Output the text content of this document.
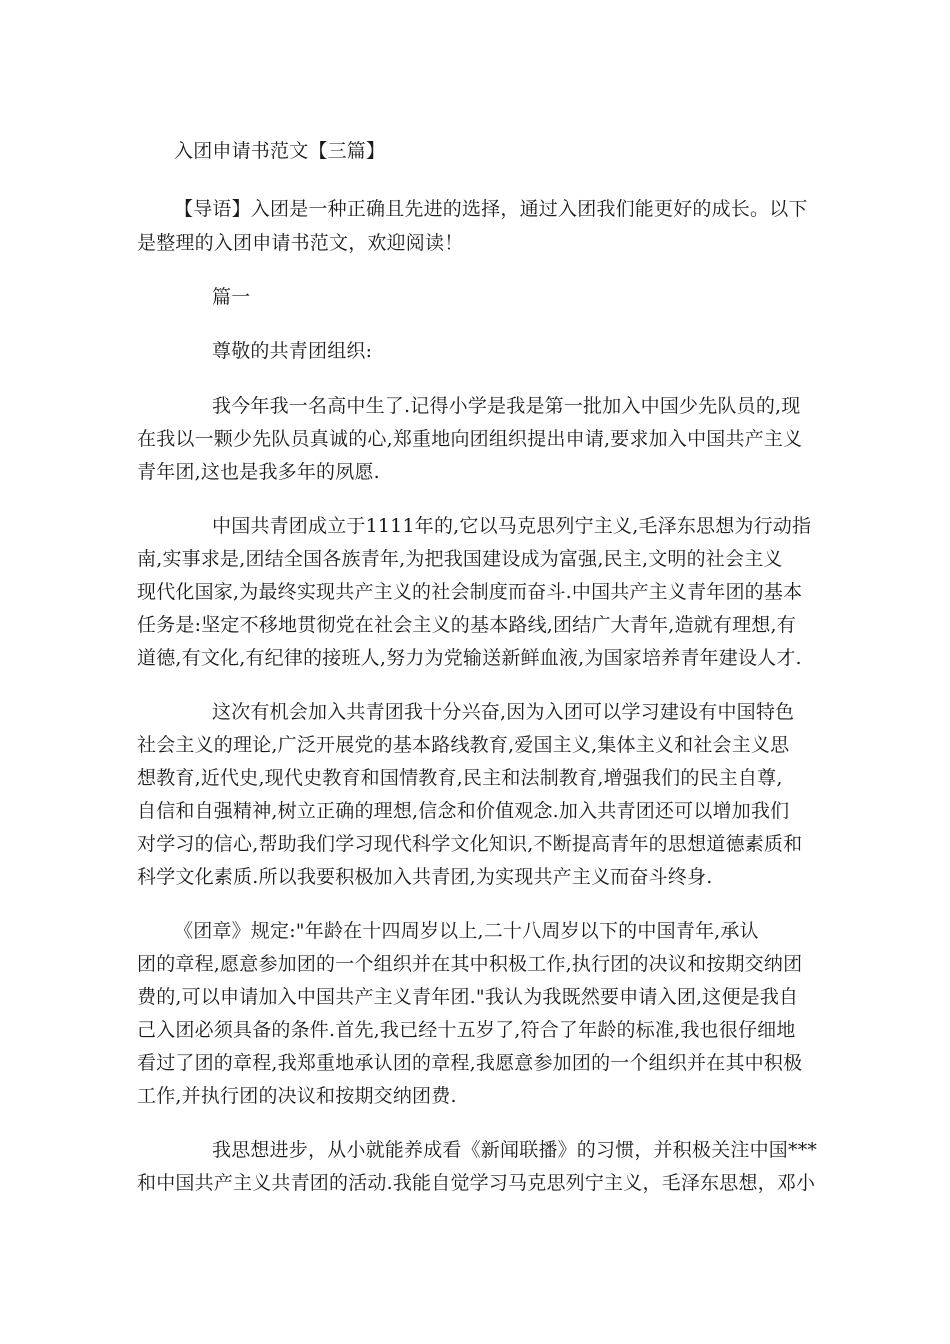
入团申请书范文【三篇】
【导语】入团是一种正确且先进的选择，通过入团我们能更好的成长。以下
是整理的入团申请书范文，欢迎阅读！
篇一
尊敬的共青团组织:
我今年我一名高中生了.记得小学是我是第一批加入中国少先队员的,现
在我以一颗少先队员真诚的心,郑重地向团组织提出申请,要求加入中国共产主义
青年团,这也是我多年的夙愿.
中国共青团成立于1111年的,它以马克思列宁主义,毛泽东思想为行动指
南,实事求是,团结全国各族青年,为把我国建设成为富强,民主,文明的社会主义
现代化国家,为最终实现共产主义的社会制度而奋斗.中国共产主义青年团的基本
任务是:坚定不移地贯彻党在社会主义的基本路线,团结广大青年,造就有理想,有
道德,有文化,有纪律的接班人,努力为党输送新鲜血液,为国家培养青年建设人才.
这次有机会加入共青团我十分兴奋,因为入团可以学习建设有中国特色
社会主义的理论,广泛开展党的基本路线教育,爱国主义,集体主义和社会主义思
想教育,近代史,现代史教育和国情教育,民主和法制教育,增强我们的民主自尊,
自信和自强精神,树立正确的理想,信念和价值观念.加入共青团还可以增加我们
对学习的信心,帮助我们学习现代科学文化知识,不断提高青年的思想道德素质和
科学文化素质.所以我要积极加入共青团,为实现共产主义而奋斗终身.
《团章》规定:"年龄在十四周岁以上,二十八周岁以下的中国青年,承认
团的章程,愿意参加团的一个组织并在其中积极工作,执行团的决议和按期交纳团
费的,可以申请加入中国共产主义青年团."我认为我既然要申请入团,这便是我自
己入团必须具备的条件.首先,我已经十五岁了,符合了年龄的标准,我也很仔细地
看过了团的章程,我郑重地承认团的章程,我愿意参加团的一个组织并在其中积极
工作,并执行团的决议和按期交纳团费.
我思想进步，从小就能养成看《新闻联播》的习惯，并积极关注中国***
和中国共产主义共青团的活动.我能自觉学习马克思列宁主义，毛泽东思想，邓小
